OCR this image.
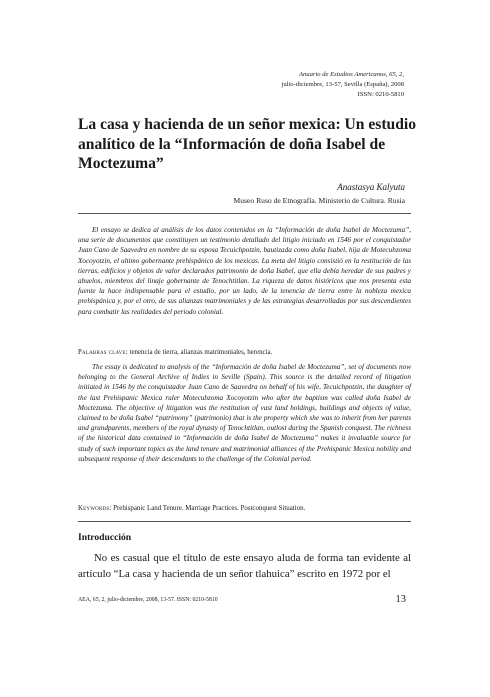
Anuario de Estudios Americanos, 65, 2,
julio-diciembre, 13-57, Sevilla (España), 2008
ISSN: 0210-5810
La casa y hacienda de un señor mexica: Un estudio analítico de la “Información de doña Isabel de Moctezuma”
Anastasya Kalyuta
Museo Ruso de Etnografía. Ministerio de Cultura. Rusia

El ensayo se dedica al análisis de los datos contenidos en la “Información de doña Isabel de Moctezuma”, una serie de documentos que constituyen un testimonio detallado del litigio iniciado en 1546 por el conquistador Juan Cano de Saavedra en nombre de su esposa Tecuichpotzin, bautizada como doña Isabel, hija de Motecuhzoma Xocoyotzin, el ultimo gobernante prehispánico de los mexicas. La meta del litigio consistió en la restitución de las tierras, edificios y objetos de valor declarados patrimonio de doña Isabel, que ella debía heredar de sus padres y abuelos, miembros del linaje gobernante de Tenochtitlan. La riqueza de datos históricos que nos presenta esta fuente la hace indispensable para el estudio, por un lado, de la tenencia de tierra entre la nobleza mexica prehispánica y, por el otro, de sus alianzas matrimoniales y de las estrategias desarrolladas por sus descendientes para combatir las realidades del periodo colonial.

Palabras clave: tenencia de tierra, alianzas matrimoniales, herencia.

The essay is dedicated to analysis of the “Información de doña Isabel de Moctezuma”, set of documents now belonging to the General Archive of Indies in Seville (Spain). This source is the detailed record of litigation initiated in 1546 by the conquistador Juan Cano de Saavedra on behalf of his wife, Tecuichpotzin, the daughter of the last Prehispanic Mexica ruler Motecuhzoma Xocoyotzin who after the baptism was called doña Isabel de Moctezuma. The objective of litigation was the restitution of vast land holdings, buildings and objects of value, claimed to be doña Isabel “patrimony” (patrimonio) that is the property which she was to inherit from her parents and grandparents, members of the royal dynasty of Tenochtitlan, outlost during the Spanish conquest. The richness of the historical data contained in “Información de doña Isabel de Moctezuma” makes it invaluable source for study of such important topics as the land tenure and matrimonial alliances of the Prehispanic Mexica nobility and subsequent response of their descendants to the challenge of the Colonial period.

Keywords: Prehispanic Land Tenure. Marriage Practices. Postconquest Situation.

Introducción

No es casual que el título de este ensayo aluda de forma tan evidente al artículo “La casa y hacienda de un señor tlahuica” escrito en 1972 por el

AEA, 65, 2, julio-diciembre, 2008, 13-57. ISSN: 0210-5810	13
